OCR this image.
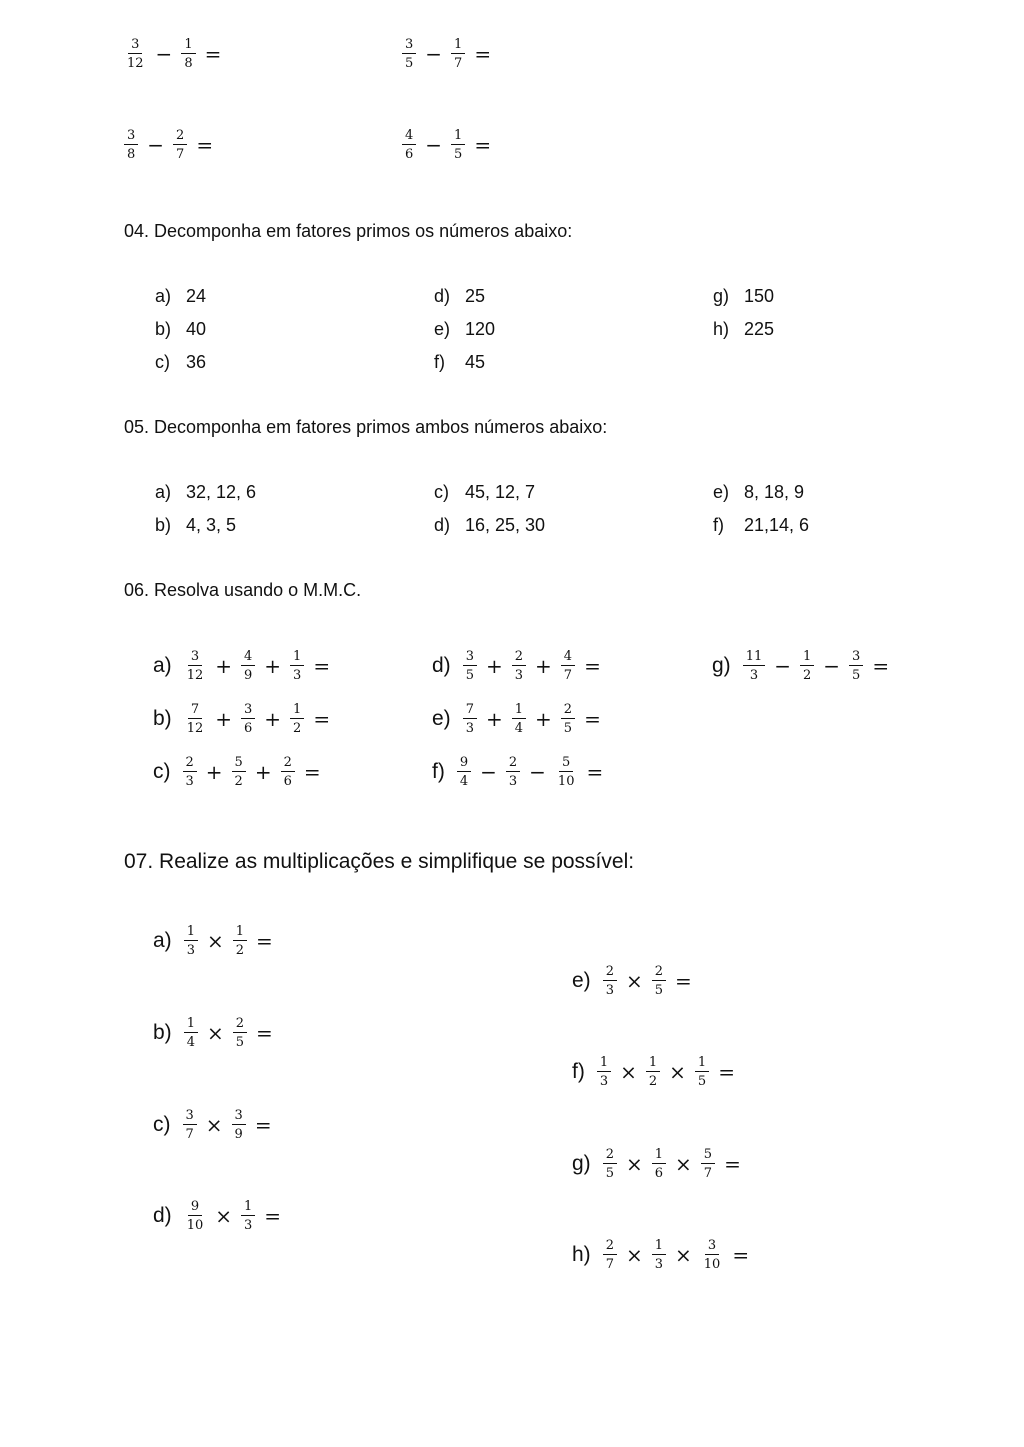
$\frac{3}{12} - \frac{1}{8}$ =	$\frac{3}{5} - \frac{1}{7}$ =
$\frac{3}{8} - \frac{2}{7}$ =	$\frac{4}{6} - \frac{1}{5}$ =
04. Decomponha em fatores primos os números abaixo:
a) 24
b) 40
c) 36
d) 25
e) 120
f) 45
g) 150
h) 225
05. Decomponha em fatores primos ambos números abaixo:
a) 32, 12, 6
b) 4, 3, 5
c) 45, 12, 7
d) 16, 25, 30
e) 8, 18, 9
f) 21,14, 6
06. Resolva usando o M.M.C.
$a) \frac{3}{12} + \frac{4}{9} + \frac{1}{3}$ =
$b) \frac{7}{12} + \frac{3}{6} + \frac{1}{2}$ =
$c) \frac{2}{3} + \frac{5}{2} + \frac{2}{6}$ =
$d) \frac{3}{5} + \frac{2}{3} + \frac{4}{7}$ =
$e) \frac{7}{3} + \frac{1}{4} + \frac{2}{5}$ =
$f) \frac{9}{4} - \frac{2}{3} - \frac{5}{10}$ =
$g) \frac{11}{3} - \frac{1}{2} - \frac{3}{5}$ =
07. Realize as multiplicações e simplifique se possível:
$a) \frac{1}{3} \times \frac{1}{2}$ =
$b) \frac{1}{4} \times \frac{2}{5}$ =
$c) \frac{3}{7} \times \frac{3}{9}$ =
$d) \frac{9}{10} \times \frac{1}{3}$ =
$e) \frac{2}{3} \times \frac{2}{5}$ =
$f) \frac{1}{3} \times \frac{1}{2} \times \frac{1}{5}$ =
$g) \frac{2}{5} \times \frac{1}{6} \times \frac{5}{7}$ =
$h) \frac{2}{7} \times \frac{1}{3} \times \frac{3}{10}$ =
